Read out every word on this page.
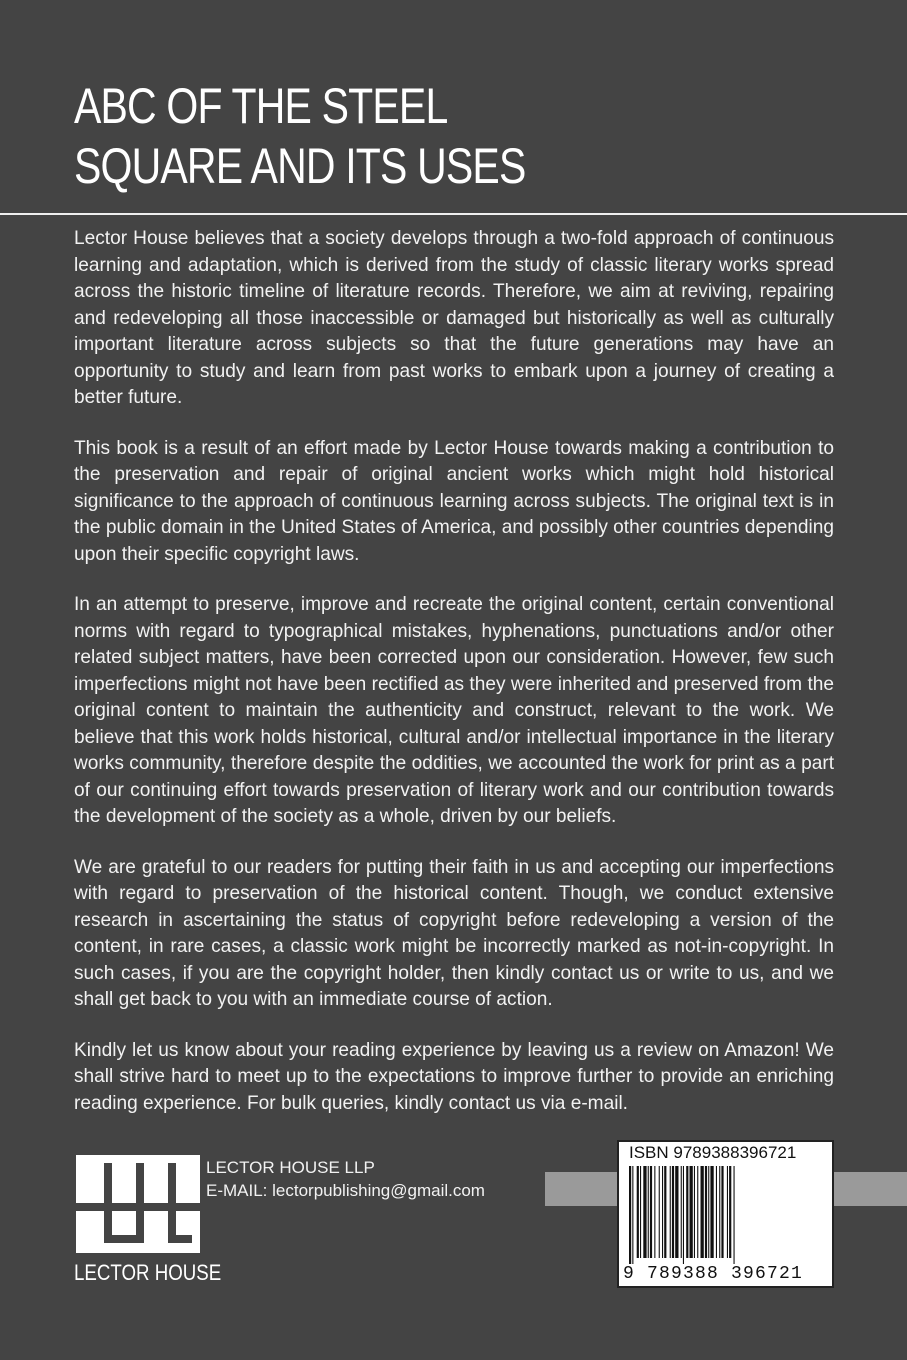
ABC OF THE STEEL
SQUARE AND ITS USES

Lector House believes that a society develops through a two-fold approach of continuous learning and adaptation, which is derived from the study of classic literary works spread across the historic timeline of literature records. Therefore, we aim at reviving, repairing and redeveloping all those inaccessible or damaged but historically as well as culturally important literature across subjects so that the future generations may have an opportunity to study and learn from past works to embark upon a journey of creating a better future.

This book is a result of an effort made by Lector House towards making a contribution to the preservation and repair of original ancient works which might hold historical significance to the approach of continuous learning across subjects. The original text is in the public domain in the United States of America, and possibly other countries depending upon their specific copyright laws.

In an attempt to preserve, improve and recreate the original content, certain conventional norms with regard to typographical mistakes, hyphenations, punctuations and/or other related subject matters, have been corrected upon our consideration. However, few such imperfections might not have been rectified as they were inherited and preserved from the original content to maintain the authenticity and construct, relevant to the work. We believe that this work holds historical, cultural and/or intellectual importance in the literary works community, therefore despite the oddities, we accounted the work for print as a part of our continuing effort towards preservation of literary work and our contribution towards the development of the society as a whole, driven by our beliefs.

We are grateful to our readers for putting their faith in us and accepting our imperfections with regard to preservation of the historical content. Though, we conduct extensive research in ascertaining the status of copyright before redeveloping a version of the content, in rare cases, a classic work might be incorrectly marked as not-in-copyright. In such cases, if you are the copyright holder, then kindly contact us or write to us, and we shall get back to you with an immediate course of action.

Kindly let us know about your reading experience by leaving us a review on Amazon! We shall strive hard to meet up to the expectations to improve further to provide an enriching reading experience. For bulk queries, kindly contact us via e-mail.

LECTOR HOUSE
LECTOR HOUSE LLP
E-MAIL: lectorpublishing@gmail.com
ISBN 9789388396721
9 789388 396721
